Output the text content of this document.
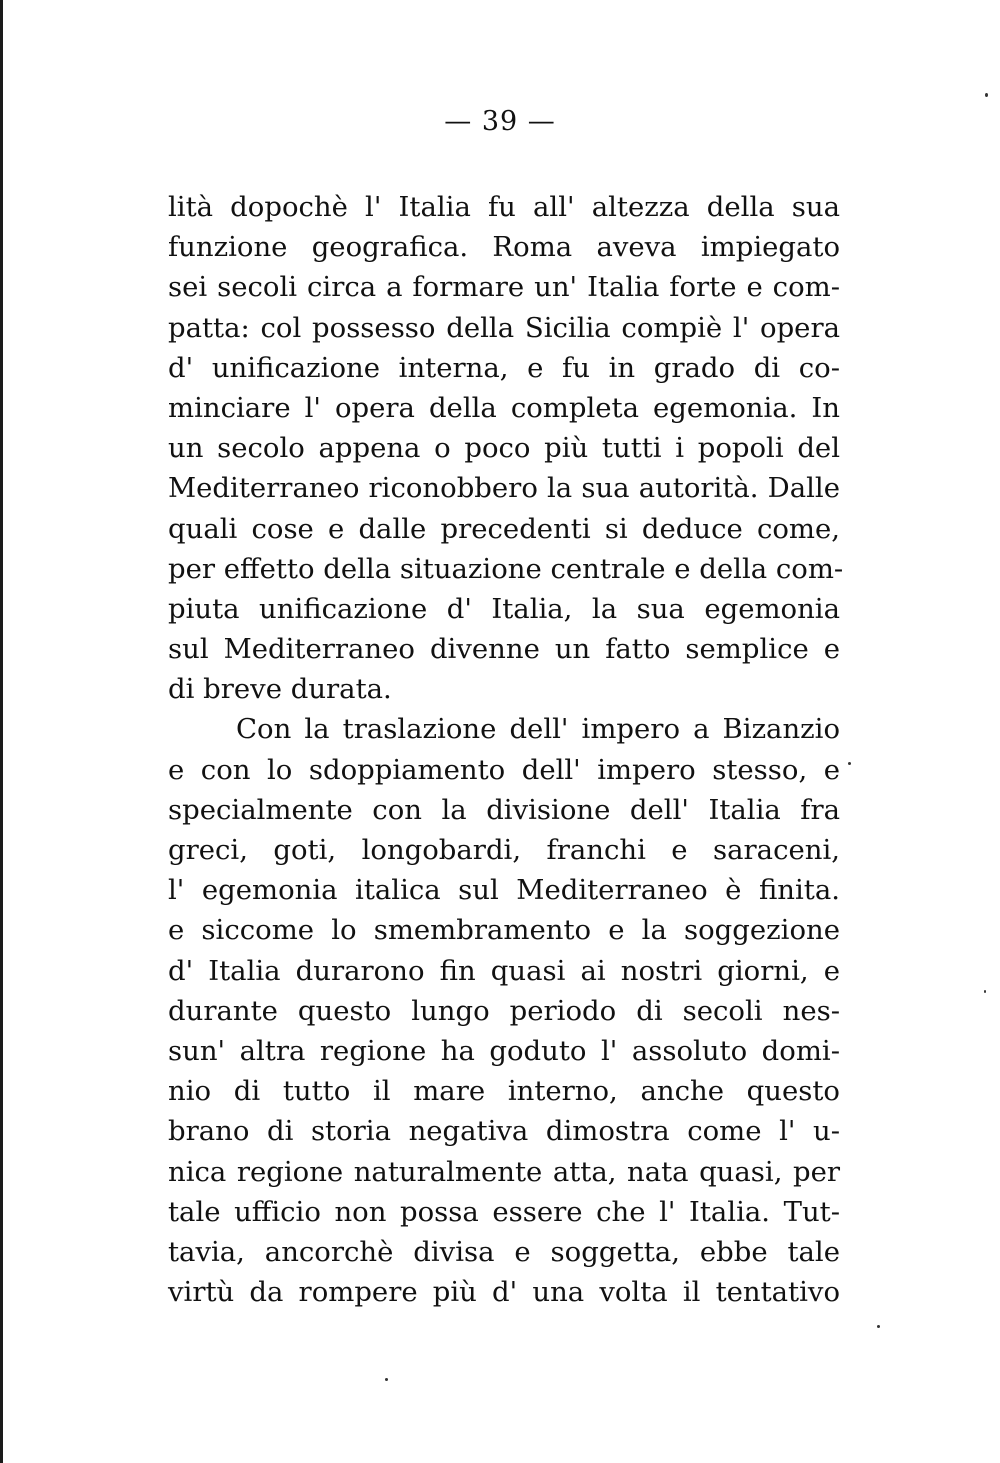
— 39 —
lità dopochè l' Italia fu all' altezza della sua
funzione geografica. Roma aveva impiegato
sei secoli circa a formare un' Italia forte e com-
patta: col possesso della Sicilia compiè l' opera
d' unificazione interna, e fu in grado di co-
minciare l' opera della completa egemonia. In
un secolo appena o poco più tutti i popoli del
Mediterraneo riconobbero la sua autorità. Dalle
quali cose e dalle precedenti si deduce come,
per effetto della situazione centrale e della com-
piuta unificazione d' Italia, la sua egemonia
sul Mediterraneo divenne un fatto semplice e
di breve durata.
Con la traslazione dell' impero a Bizanzio
e con lo sdoppiamento dell' impero stesso, e
specialmente con la divisione dell' Italia fra
greci, goti, longobardi, franchi e saraceni,
l' egemonia italica sul Mediterraneo è finita.
e siccome lo smembramento e la soggezione
d' Italia durarono fin quasi ai nostri giorni, e
durante questo lungo periodo di secoli nes-
sun' altra regione ha goduto l' assoluto domi-
nio di tutto il mare interno, anche questo
brano di storia negativa dimostra come l' u-
nica regione naturalmente atta, nata quasi, per
tale ufficio non possa essere che l' Italia. Tut-
tavia, ancorchè divisa e soggetta, ebbe tale
virtù da rompere più d' una volta il tentativo
